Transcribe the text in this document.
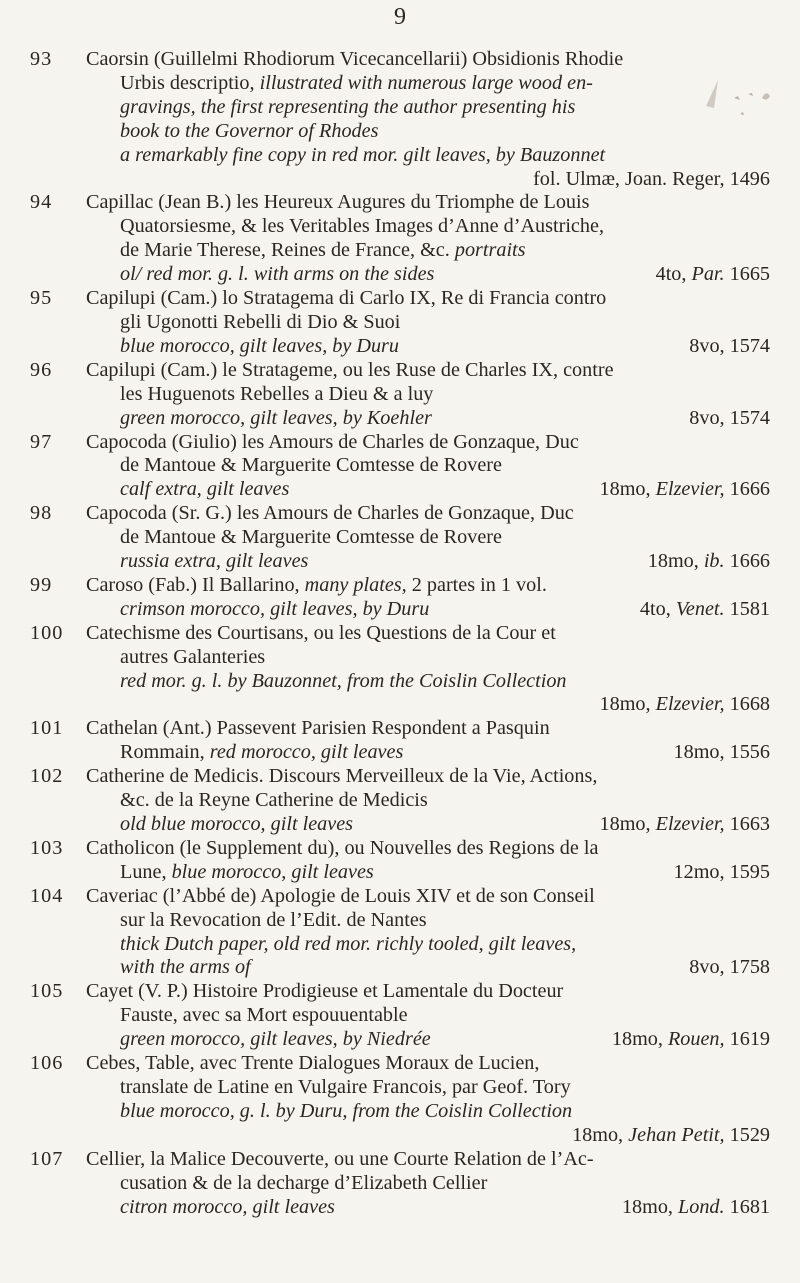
9
93 Caorsin (Guillelmi Rhodiorum Vicecancellarii) Obsidionis Rhodie
Urbis descriptio, illustrated with numerous large wood en-
gravings, the first representing the author presenting his
book to the Governor of Rhodes
a remarkably fine copy in red mor. gilt leaves, by Bauzonnet
fol. Ulmæ, Joan. Reger, 1496
94 Capillac (Jean B.) les Heureux Augures du Triomphe de Louis
Quatorsiesme, & les Veritables Images d’Anne d’Austriche,
de Marie Therese, Reines de France, &c. portraits
ol/ red mor. g. l. with arms on the sides	4to, Par. 1665
95 Capilupi (Cam.) lo Stratagema di Carlo IX, Re di Francia contro
gli Ugonotti Rebelli di Dio & Suoi
blue morocco, gilt leaves, by Duru	8vo, 1574
96 Capilupi (Cam.) le Stratageme, ou les Ruse de Charles IX, contre
les Huguenots Rebelles a Dieu & a luy
green morocco, gilt leaves, by Koehler	8vo, 1574
97 Capocoda (Giulio) les Amours de Charles de Gonzaque, Duc
de Mantoue & Marguerite Comtesse de Rovere
calf extra, gilt leaves	18mo, Elzevier, 1666
98 Capocoda (Sr. G.) les Amours de Charles de Gonzaque, Duc
de Mantoue & Marguerite Comtesse de Rovere
russia extra, gilt leaves	18mo, ib. 1666
99 Caroso (Fab.) Il Ballarino, many plates, 2 partes in 1 vol.
crimson morocco, gilt leaves, by Duru	4to, Venet. 1581
100 Catechisme des Courtisans, ou les Questions de la Cour et
autres Galanteries
red mor. g. l. by Bauzonnet, from the Coislin Collection
18mo, Elzevier, 1668
101 Cathelan (Ant.) Passevent Parisien Respondent a Pasquin
Rommain, red morocco, gilt leaves	18mo, 1556
102 Catherine de Medicis. Discours Merveilleux de la Vie, Actions,
&c. de la Reyne Catherine de Medicis
old blue morocco, gilt leaves	18mo, Elzevier, 1663
103 Catholicon (le Supplement du), ou Nouvelles des Regions de la
Lune, blue morocco, gilt leaves	12mo, 1595
104 Caveriac (l’Abbé de) Apologie de Louis XIV et de son Conseil
sur la Revocation de l’Edit. de Nantes
thick Dutch paper, old red mor. richly tooled, gilt leaves,
with the arms of	8vo, 1758
105 Cayet (V. P.) Histoire Prodigieuse et Lamentale du Docteur
Fauste, avec sa Mort espouuentable
green morocco, gilt leaves, by Niedrée	18mo, Rouen, 1619
106 Cebes, Table, avec Trente Dialogues Moraux de Lucien,
translate de Latine en Vulgaire Francois, par Geof. Tory
blue morocco, g. l. by Duru, from the Coislin Collection
18mo, Jehan Petit, 1529
107 Cellier, la Malice Decouverte, ou une Courte Relation de l’Ac-
cusation & de la decharge d’Elizabeth Cellier
citron morocco, gilt leaves	18mo, Lond. 1681
